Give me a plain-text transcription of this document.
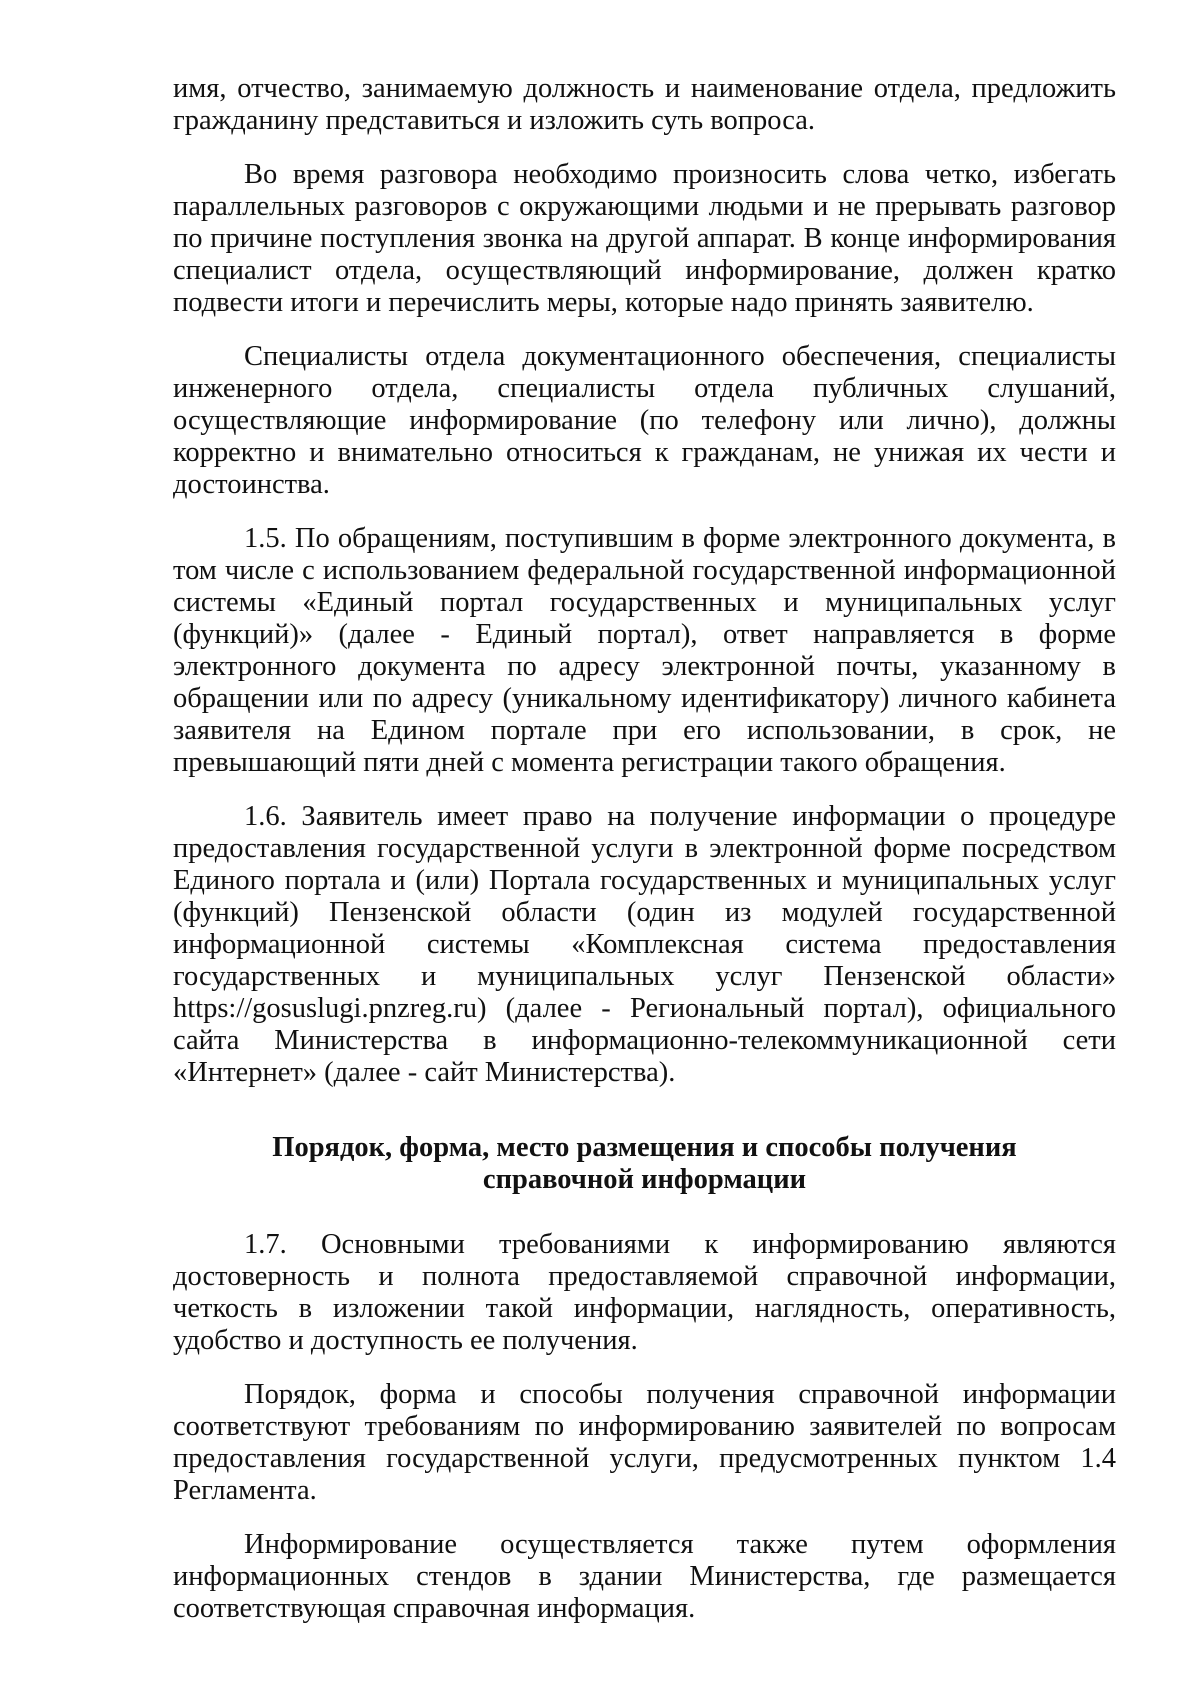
имя, отчество, занимаемую должность и наименование отдела, предложить гражданину представиться и изложить суть вопроса.

Во время разговора необходимо произносить слова четко, избегать параллельных разговоров с окружающими людьми и не прерывать разговор по причине поступления звонка на другой аппарат. В конце информирования специалист отдела, осуществляющий информирование, должен кратко подвести итоги и перечислить меры, которые надо принять заявителю.

Специалисты отдела документационного обеспечения, специалисты инженерного отдела, специалисты отдела публичных слушаний, осуществляющие информирование (по телефону или лично), должны корректно и внимательно относиться к гражданам, не унижая их чести и достоинства.

1.5. По обращениям, поступившим в форме электронного документа, в том числе с использованием федеральной государственной информационной системы «Единый портал государственных и муниципальных услуг (функций)» (далее - Единый портал), ответ направляется в форме электронного документа по адресу электронной почты, указанному в обращении или по адресу (уникальному идентификатору) личного кабинета заявителя на Едином портале при его использовании, в срок, не превышающий пяти дней с момента регистрации такого обращения.

1.6. Заявитель имеет право на получение информации о процедуре предоставления государственной услуги в электронной форме посредством Единого портала и (или) Портала государственных и муниципальных услуг (функций) Пензенской области (один из модулей государственной информационной системы «Комплексная система предоставления государственных и муниципальных услуг Пензенской области» https://gosuslugi.pnzreg.ru) (далее - Региональный портал), официального сайта Министерства в информационно-телекоммуникационной сети «Интернет» (далее - сайт Министерства).

Порядок, форма, место размещения и способы получения
справочной информации

1.7. Основными требованиями к информированию являются достоверность и полнота предоставляемой справочной информации, четкость в изложении такой информации, наглядность, оперативность, удобство и доступность ее получения.

Порядок, форма и способы получения справочной информации соответствуют требованиям по информированию заявителей по вопросам предоставления государственной услуги, предусмотренных пунктом 1.4 Регламента.

Информирование осуществляется также путем оформления информационных стендов в здании Министерства, где размещается соответствующая справочная информация.
